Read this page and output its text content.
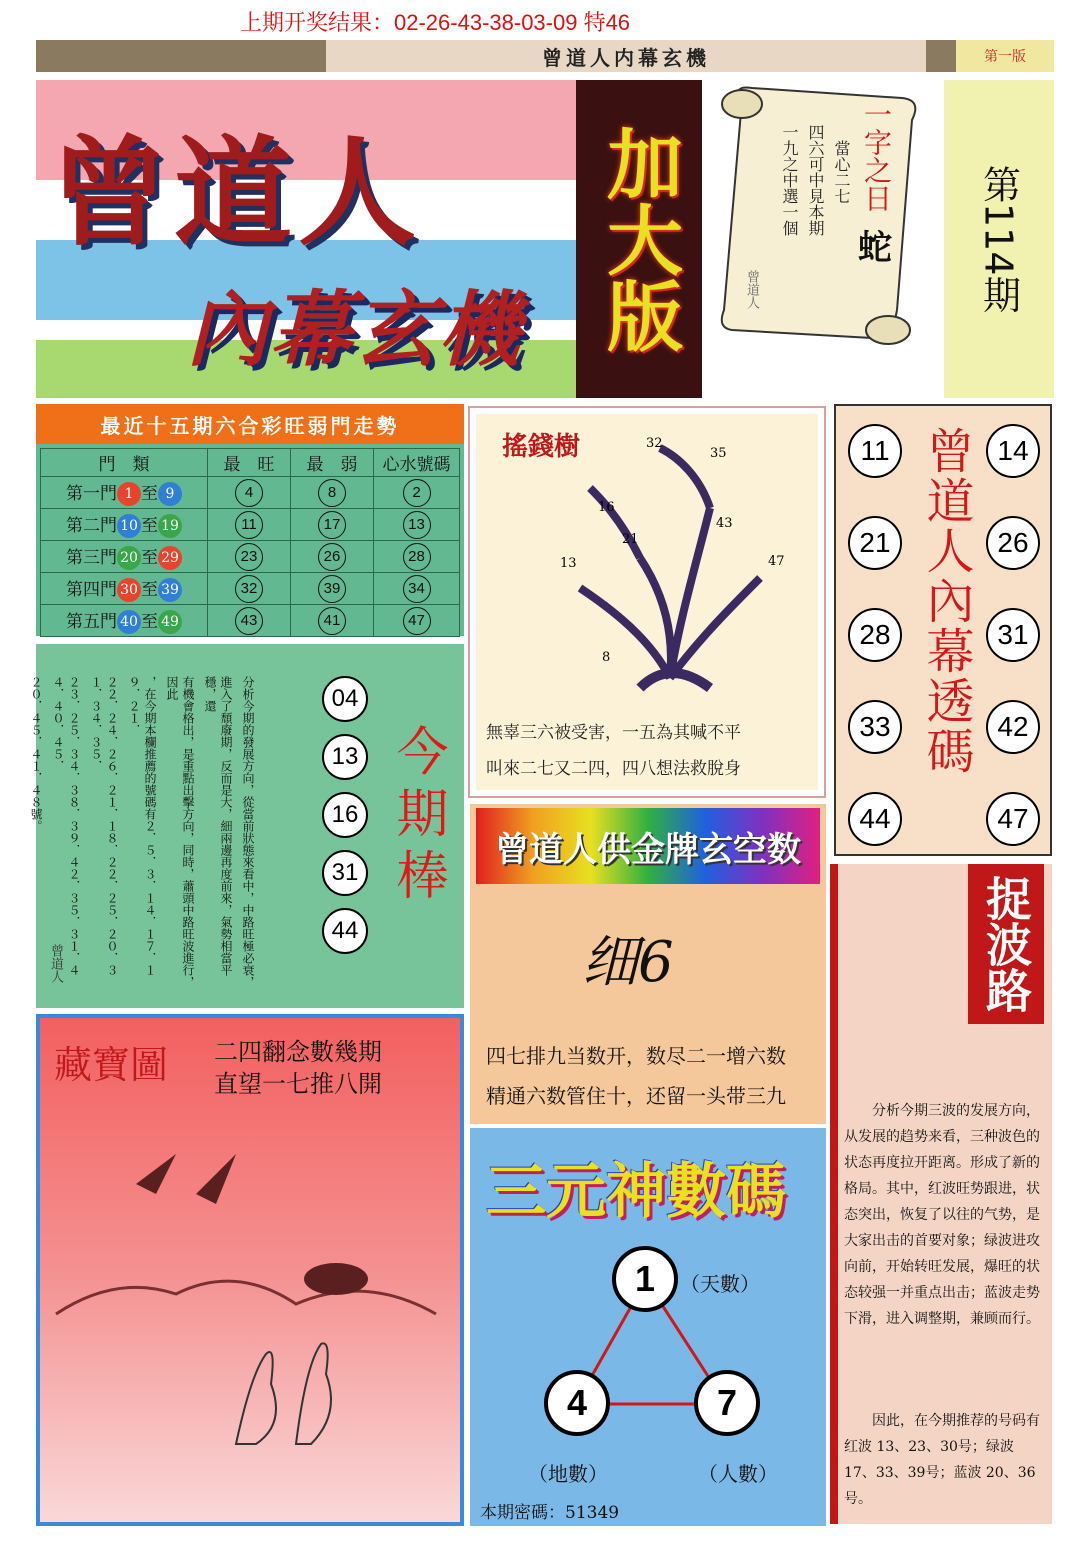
上期开奖结果：02-26-43-38-03-09 特46
曾道人内幕玄機	第一版
曾道人
內幕玄機 加大版	一字之日
當心二七
四六可中見本期
一九之中選一個
蛇
曾道人	第114期
最近十五期六合彩旺弱門走勢
門　類	最　旺	最　弱	心水號碼
第一門 1 至 9	4	8	2
第二門 10 至 19	11	17	13
第三門 20 至 29	23	26	28
第四門 30 至 39	32	39	34
第五門 40 至 49	43	41	47
分析今期的發展方向，從當前狀態來看中，中路旺極必衰，
進入了頹廢期，反而是大，細兩邊再度前來，氣勢相當平穩，還
有機會格出，是重點出擊方向，同時，蕭頭中路旺波進行，因此
，在今期本欄推薦的號碼有２．５．３．１４．１７．１９．２１．
２２．２４．２６．２１．１８．２２．２５．２０．３１．３４．３５．
２３．２５．３４．３８．３９．４２．３５．３１．４４．４０．４５．
２０．４５．４１．４８號。
曾道人
04
13
16
31
44
今期棒
搖錢樹	32
35
16
21
43
13	47
8
無辜三六被受害，一五為其喊不平
叫來二七又二四，四八想法救脫身	曾道人內幕透碼
11
21
28
33
44
14
26
31
42
47
曾道人供金牌玄空数
细6
四七排九当数开，数尽二一增六数
精通六数管住十，还留一头带三九
捉波路
分析今期三波的发展方向，从发展的趋势来看，三种波色的状态再度拉开距离。形成了新的格局。其中，红波旺势跟进，状态突出，恢复了以往的气势，是大家出击的首要对象；绿波进攻向前，开始转旺发展，爆旺的状态较强一并重点出击；蓝波走势下滑，进入调整期，兼顾而行。
因此，在今期推荐的号码有红波 13、23、30号；绿波 17、33、39号；蓝波 20、36 号。
藏寶圖 二四翻念數幾期
直望一七推八開
三元神數碼
1
4	7
（天數）
（地數）	（人數）
本期密碼：51349
